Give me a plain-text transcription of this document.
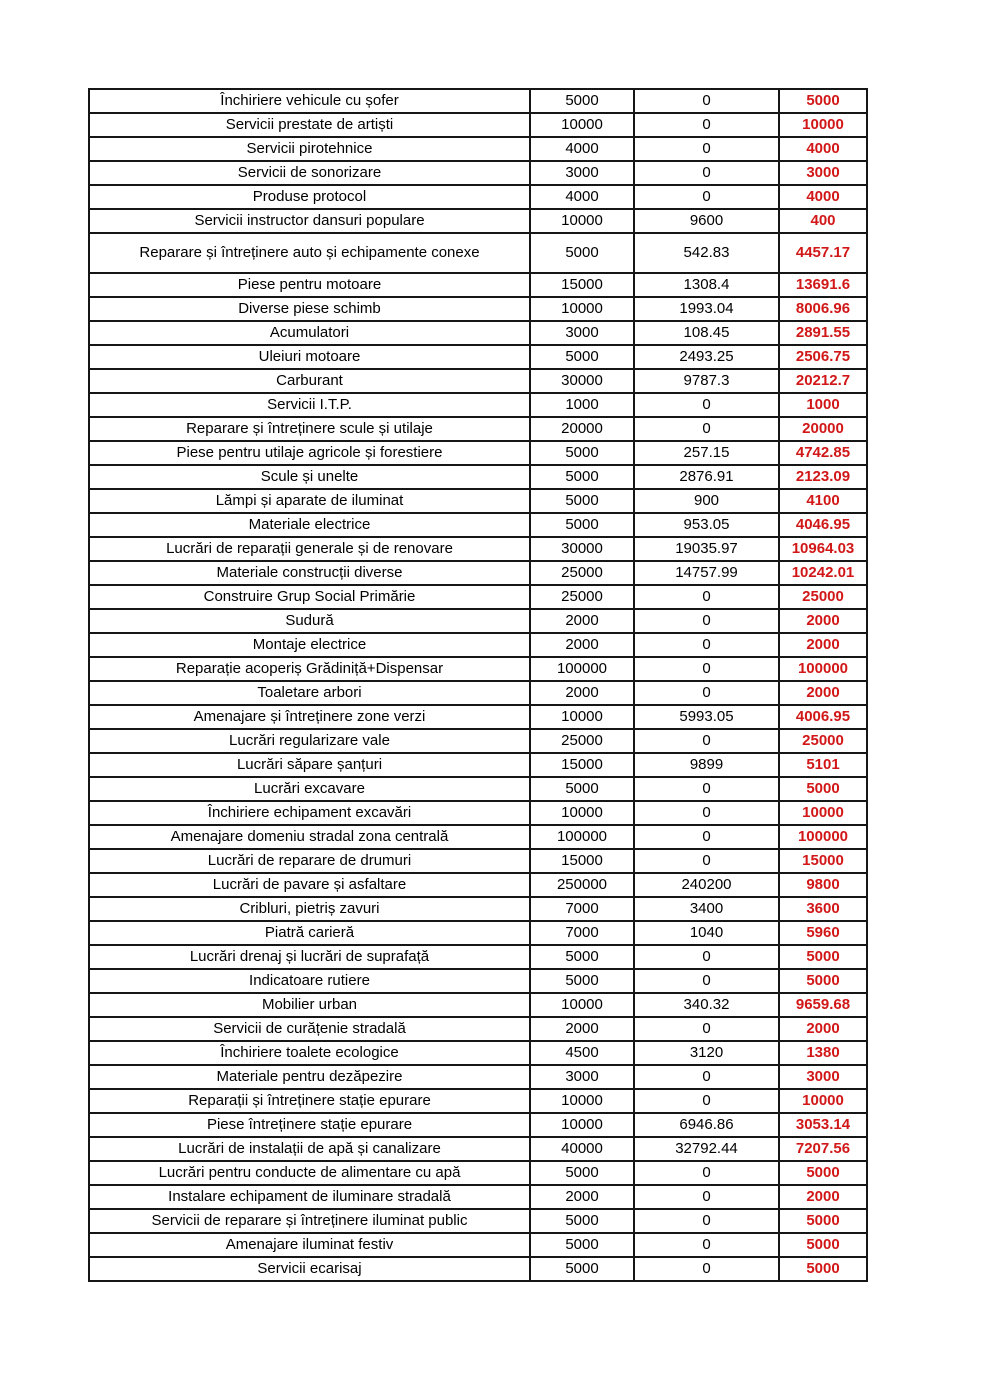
Închiriere vehicule cu șofer	5000	0	5000
Servicii prestate de artiști	10000	0	10000
Servicii pirotehnice	4000	0	4000
Servicii de sonorizare	3000	0	3000
Produse protocol	4000	0	4000
Servicii instructor dansuri populare	10000	9600	400
Reparare și întreținere auto și echipamente conexe	5000	542.83	4457.17
Piese pentru motoare	15000	1308.4	13691.6
Diverse piese schimb	10000	1993.04	8006.96
Acumulatori	3000	108.45	2891.55
Uleiuri motoare	5000	2493.25	2506.75
Carburant	30000	9787.3	20212.7
Servicii I.T.P.	1000	0	1000
Reparare și întreținere scule și utilaje	20000	0	20000
Piese pentru utilaje agricole și forestiere	5000	257.15	4742.85
Scule și unelte	5000	2876.91	2123.09
Lămpi și aparate de iluminat	5000	900	4100
Materiale electrice	5000	953.05	4046.95
Lucrări de reparații generale și de renovare	30000	19035.97	10964.03
Materiale construcții diverse	25000	14757.99	10242.01
Construire Grup Social Primărie	25000	0	25000
Sudură	2000	0	2000
Montaje electrice	2000	0	2000
Reparație acoperiș Grădiniță+Dispensar	100000	0	100000
Toaletare arbori	2000	0	2000
Amenajare și întreținere zone verzi	10000	5993.05	4006.95
Lucrări regularizare vale	25000	0	25000
Lucrări săpare șanțuri	15000	9899	5101
Lucrări excavare	5000	0	5000
Închiriere echipament excavări	10000	0	10000
Amenajare domeniu stradal zona centrală	100000	0	100000
Lucrări de reparare de drumuri	15000	0	15000
Lucrări de pavare și asfaltare	250000	240200	9800
Cribluri, pietriș zavuri	7000	3400	3600
Piatră carieră	7000	1040	5960
Lucrări drenaj și lucrări de suprafață	5000	0	5000
Indicatoare rutiere	5000	0	5000
Mobilier urban	10000	340.32	9659.68
Servicii de curățenie stradală	2000	0	2000
Închiriere toalete ecologice	4500	3120	1380
Materiale pentru dezăpezire	3000	0	3000
Reparații și întreținere stație epurare	10000	0	10000
Piese întreținere stație epurare	10000	6946.86	3053.14
Lucrări de instalații de apă și canalizare	40000	32792.44	7207.56
Lucrări pentru conducte de alimentare cu apă	5000	0	5000
Instalare echipament de iluminare stradală	2000	0	2000
Servicii de reparare și întreținere iluminat public	5000	0	5000
Amenajare iluminat festiv	5000	0	5000
Servicii ecarisaj	5000	0	5000
